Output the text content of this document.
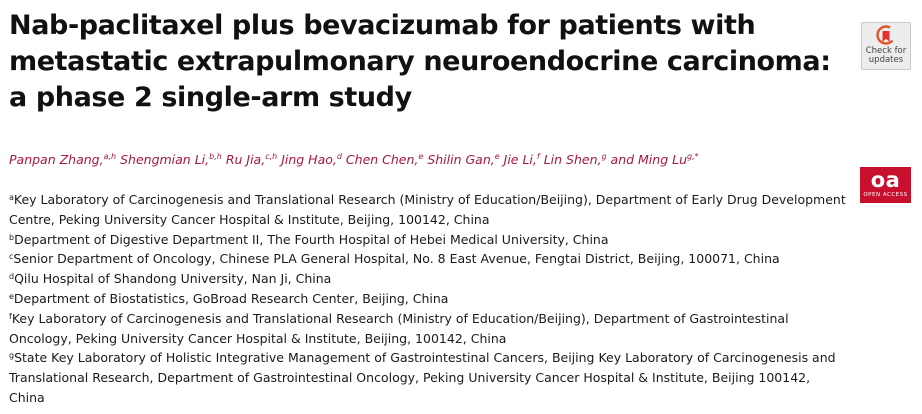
Nab-paclitaxel plus bevacizumab for patients with metastatic extrapulmonary neuroendocrine carcinoma: a phase 2 single-arm study
Check for
updates
oa
OPEN ACCESS
Panpan Zhang,$^{a,h}$ Shengmian Li,$^{b,h}$ Ru Jia,$^{c,h}$ Jing Hao,$^d$ Chen Chen,$^e$ Shilin Gan,$^e$ Jie Li,$^f$ Lin Shen,$^g$ and Ming $Lu^{g,*}$

$^a$Key Laboratory of Carcinogenesis and Translational Research (Ministry of Education/Beijing), Department of Early Drug Development Centre, Peking University Cancer Hospital & Institute, Beijing, 100142, China

$^b$Department of Digestive Department II, The Fourth Hospital of Hebei Medical University, China

$^c$Senior Department of Oncology, Chinese PLA General Hospital, No. 8 East Avenue, Fengtai District, Beijing, 100071, China

$^d$Qilu Hospital of Shandong University, Nan Ji, China

$^e$Department of Biostatistics, GoBroad Research Center, Beijing, China

$^f$Key Laboratory of Carcinogenesis and Translational Research (Ministry of Education/Beijing), Department of Gastrointestinal Oncology, Peking University Cancer Hospital & Institute, Beijing, 100142, China

$^g$State Key Laboratory of Holistic Integrative Management of Gastrointestinal Cancers, Beijing Key Laboratory of Carcinogenesis and Translational Research, Department of Gastrointestinal Oncology, Peking University Cancer Hospital & Institute, Beijing 100142, China
